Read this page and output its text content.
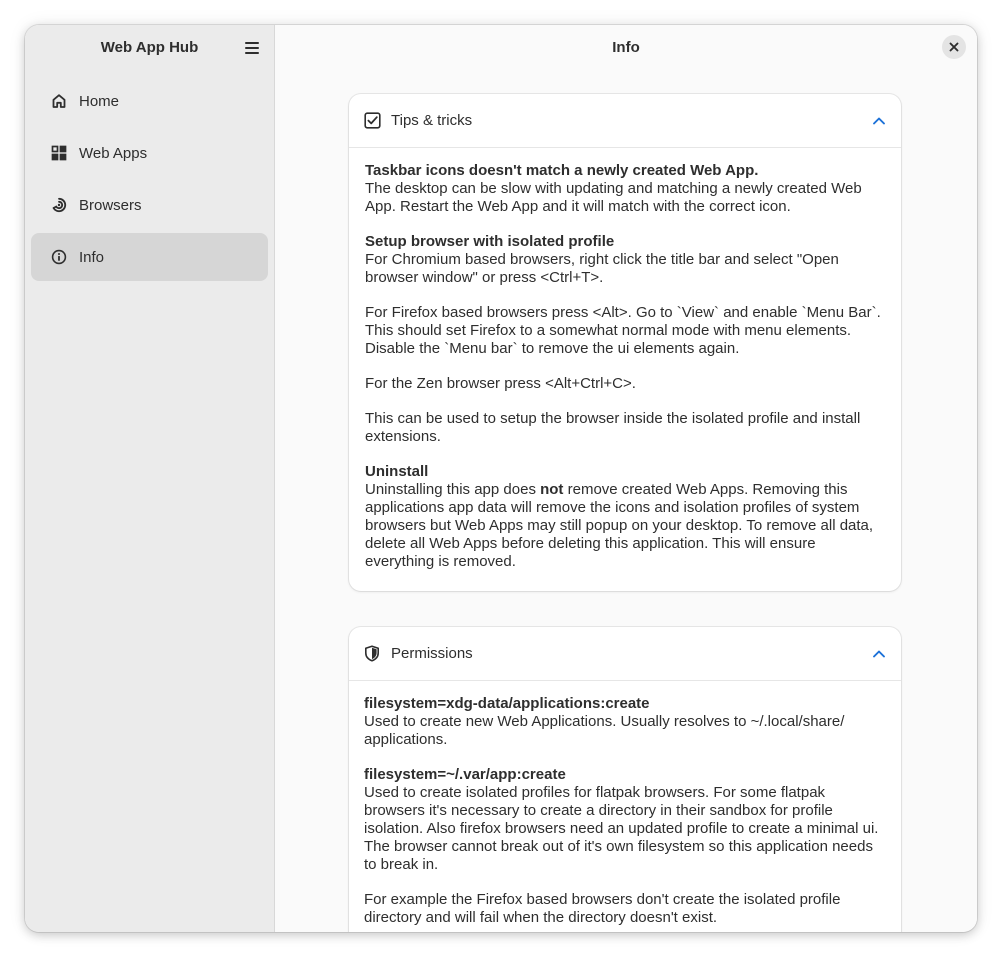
Web App Hub
Home
Web Apps
Browsers
Info
Info
Tips & tricks
Taskbar icons doesn't match a newly created Web App.
The desktop can be slow with updating and matching a newly created Web App. Restart the Web App and it will match with the correct icon.
Setup browser with isolated profile
For Chromium based browsers, right click the title bar and select "Open browser window" or press <Ctrl+T>.
For Firefox based browsers press <Alt>. Go to `View` and enable `Menu Bar`. This should set Firefox to a somewhat normal mode with menu elements. Disable the `Menu bar` to remove the ui elements again.
For the Zen browser press <Alt+Ctrl+C>.
This can be used to setup the browser inside the isolated profile and install extensions.
Uninstall
Uninstalling this app does not remove created Web Apps. Removing this applications app data will remove the icons and isolation profiles of system browsers but Web Apps may still popup on your desktop. To remove all data, delete all Web Apps before deleting this application. This will ensure everything is removed.
Permissions
filesystem=xdg-data/applications:create
Used to create new Web Applications. Usually resolves to ~/.local/share/ applications.
filesystem=~/.var/app:create
Used to create isolated profiles for flatpak browsers. For some flatpak browsers it's necessary to create a directory in their sandbox for profile isolation. Also firefox browsers need an updated profile to create a minimal ui. The browser cannot break out of it's own filesystem so this application needs to break in.
For example the Firefox based browsers don't create the isolated profile directory and will fail when the directory doesn't exist.
